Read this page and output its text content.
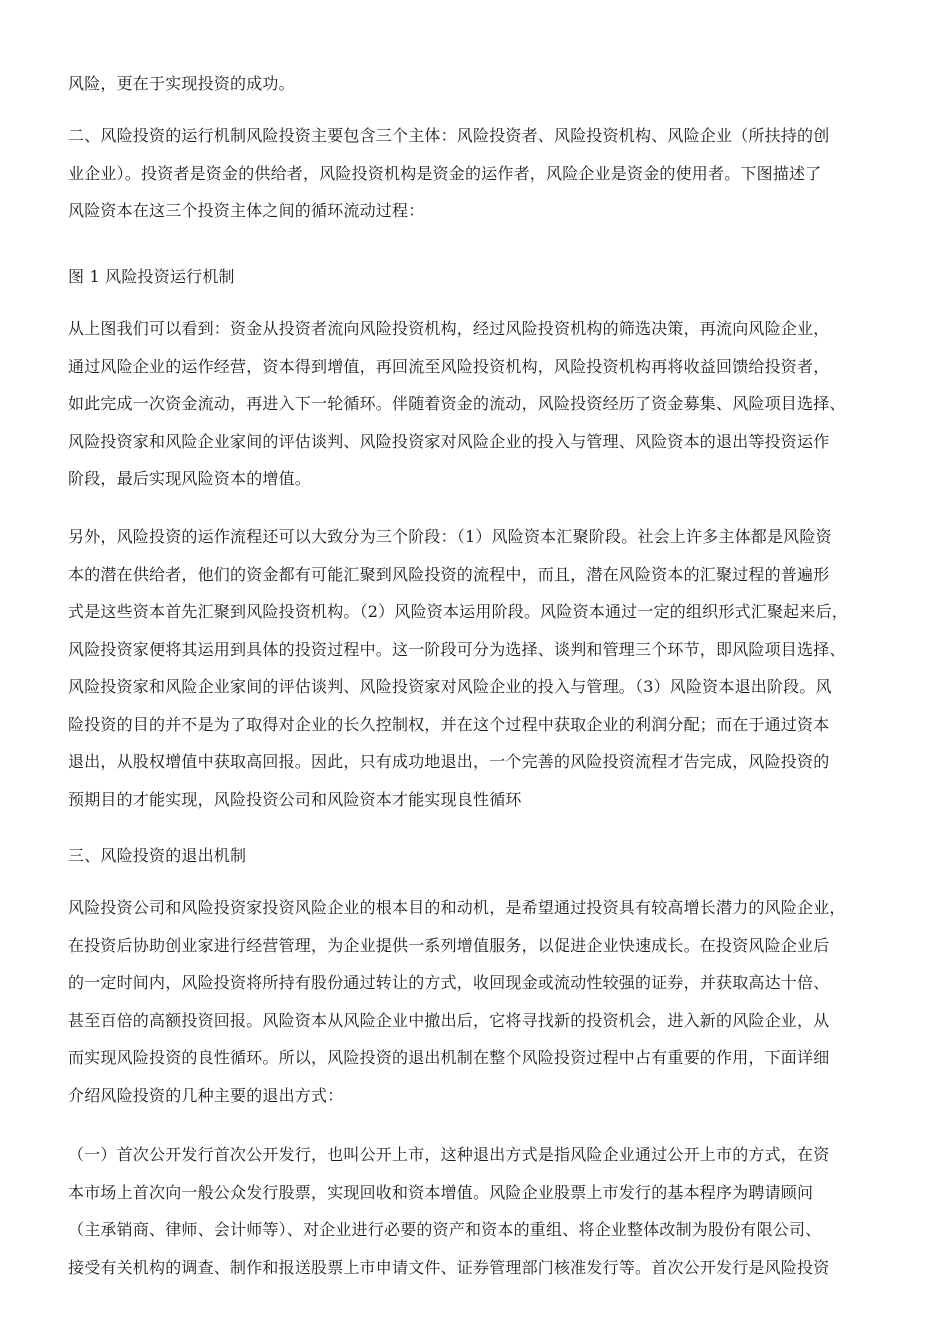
风险，更在于实现投资的成功。
二、风险投资的运行机制风险投资主要包含三个主体：风险投资者、风险投资机构、风险企业（所扶持的创
业企业）。投资者是资金的供给者，风险投资机构是资金的运作者，风险企业是资金的使用者。下图描述了
风险资本在这三个投资主体之间的循环流动过程：
图 1 风险投资运行机制
从上图我们可以看到：资金从投资者流向风险投资机构，经过风险投资机构的筛选决策，再流向风险企业，
通过风险企业的运作经营，资本得到增值，再回流至风险投资机构，风险投资机构再将收益回馈给投资者，
如此完成一次资金流动，再进入下一轮循环。伴随着资金的流动，风险投资经历了资金募集、风险项目选择、
风险投资家和风险企业家间的评估谈判、风险投资家对风险企业的投入与管理、风险资本的退出等投资运作
阶段，最后实现风险资本的增值。
另外，风险投资的运作流程还可以大致分为三个阶段：（1）风险资本汇聚阶段。社会上许多主体都是风险资
本的潜在供给者，他们的资金都有可能汇聚到风险投资的流程中，而且，潜在风险资本的汇聚过程的普遍形
式是这些资本首先汇聚到风险投资机构。（2）风险资本运用阶段。风险资本通过一定的组织形式汇聚起来后，
风险投资家便将其运用到具体的投资过程中。这一阶段可分为选择、谈判和管理三个环节，即风险项目选择、
风险投资家和风险企业家间的评估谈判、风险投资家对风险企业的投入与管理。（3）风险资本退出阶段。风
险投资的目的并不是为了取得对企业的长久控制权，并在这个过程中获取企业的利润分配；而在于通过资本
退出，从股权增值中获取高回报。因此，只有成功地退出，一个完善的风险投资流程才告完成，风险投资的
预期目的才能实现，风险投资公司和风险资本才能实现良性循环
三、风险投资的退出机制
风险投资公司和风险投资家投资风险企业的根本目的和动机，是希望通过投资具有较高增长潜力的风险企业，
在投资后协助创业家进行经营管理，为企业提供一系列增值服务，以促进企业快速成长。在投资风险企业后
的一定时间内，风险投资将所持有股份通过转让的方式，收回现金或流动性较强的证券，并获取高达十倍、
甚至百倍的高额投资回报。风险资本从风险企业中撤出后，它将寻找新的投资机会，进入新的风险企业，从
而实现风险投资的良性循环。所以，风险投资的退出机制在整个风险投资过程中占有重要的作用，下面详细
介绍风险投资的几种主要的退出方式：
（一）首次公开发行首次公开发行，也叫公开上市，这种退出方式是指风险企业通过公开上市的方式，在资
本市场上首次向一般公众发行股票，实现回收和资本增值。风险企业股票上市发行的基本程序为聘请顾问
（主承销商、律师、会计师等）、对企业进行必要的资产和资本的重组、将企业整体改制为股份有限公司、
接受有关机构的调查、制作和报送股票上市申请文件、证券管理部门核准发行等。首次公开发行是风险投资
